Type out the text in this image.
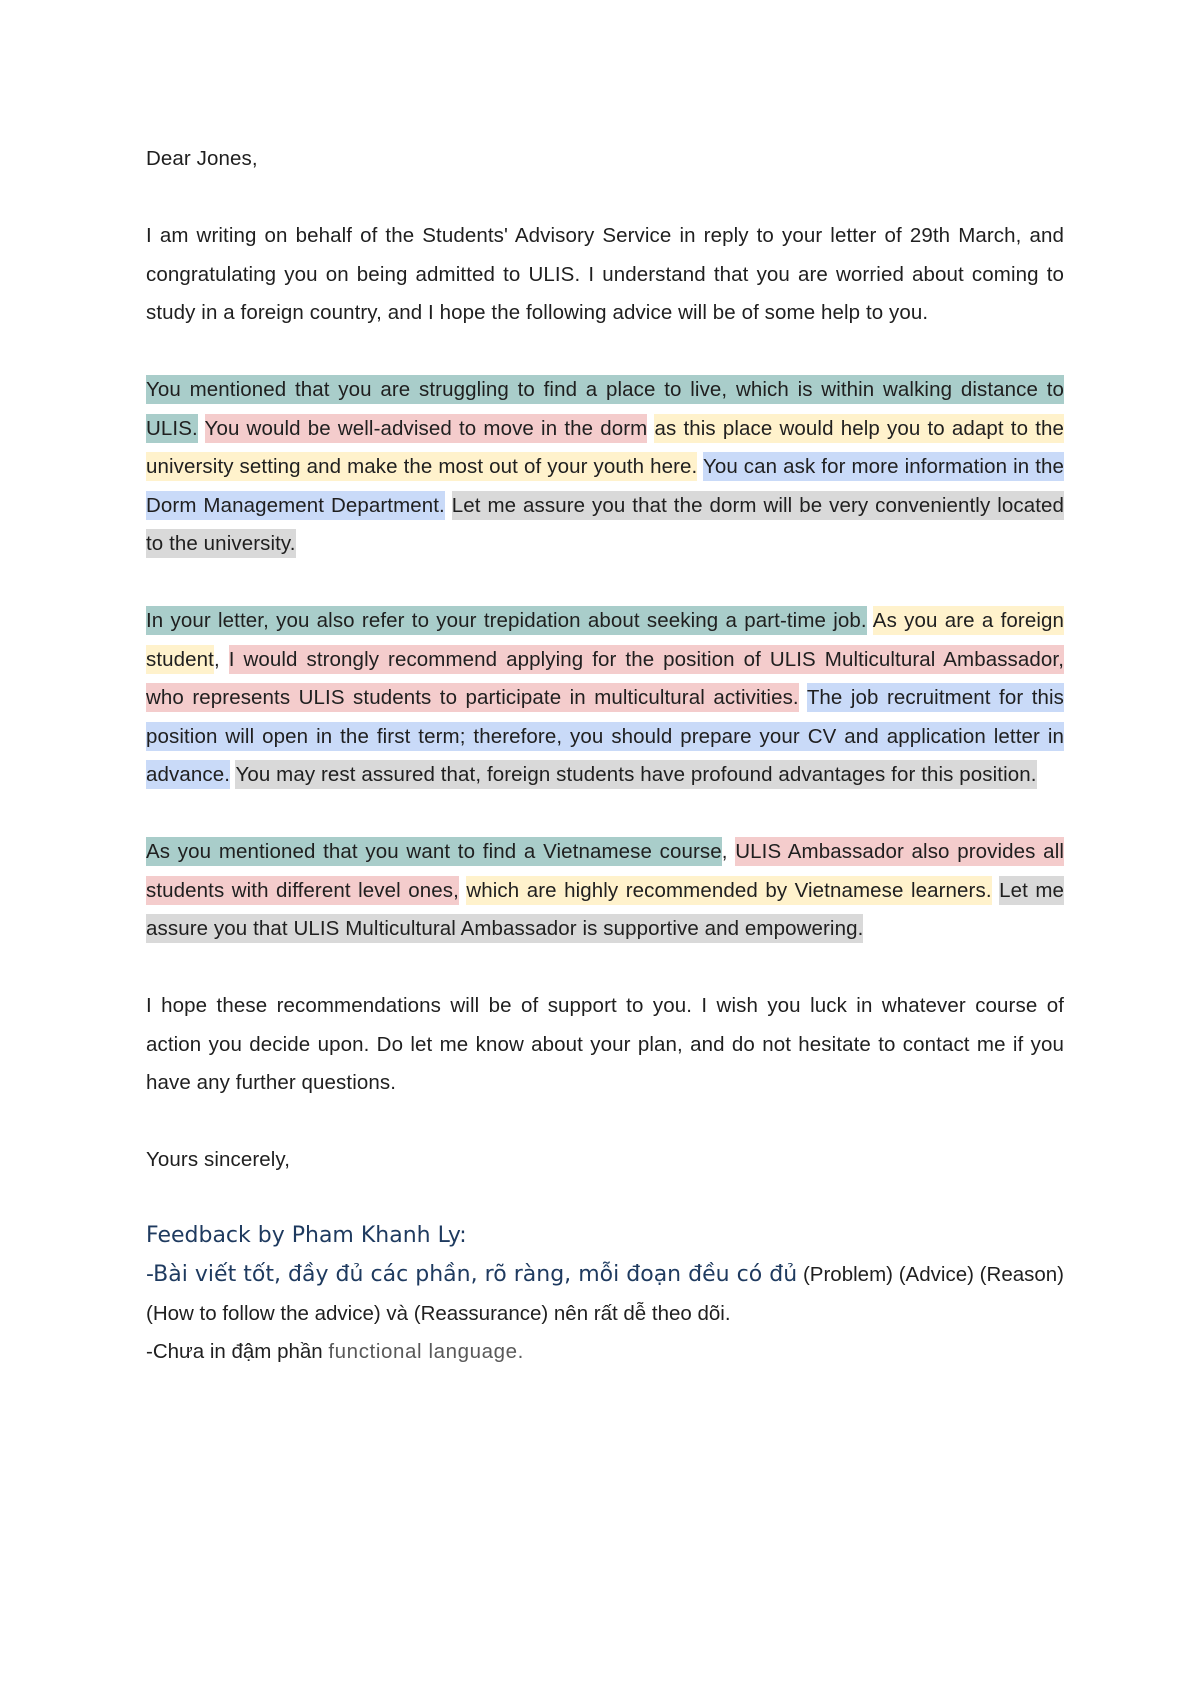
Dear Jones,

I am writing on behalf of the Students' Advisory Service in reply to your letter of 29th March, and congratulating you on being admitted to ULIS. I understand that you are worried about coming to study in a foreign country, and I hope the following advice will be of some help to you.

You mentioned that you are struggling to find a place to live, which is within walking distance to ULIS. You would be well-advised to move in the dorm as this place would help you to adapt to the university setting and make the most out of your youth here. You can ask for more information in the Dorm Management Department. Let me assure you that the dorm will be very conveniently located to the university.

In your letter, you also refer to your trepidation about seeking a part-time job. As you are a foreign student, I would strongly recommend applying for the position of ULIS Multicultural Ambassador, who represents ULIS students to participate in multicultural activities. The job recruitment for this position will open in the first term; therefore, you should prepare your CV and application letter in advance. You may rest assured that, foreign students have profound advantages for this position.

As you mentioned that you want to find a Vietnamese course, ULIS Ambassador also provides all students with different level ones, which are highly recommended by Vietnamese learners. Let me assure you that ULIS Multicultural Ambassador is supportive and empowering.

I hope these recommendations will be of support to you. I wish you luck in whatever course of action you decide upon. Do let me know about your plan, and do not hesitate to contact me if you have any further questions.

Yours sincerely,

Feedback by Pham Khanh Ly:

-Bài viết tốt, đầy đủ các phần, rõ ràng, mỗi đoạn đều có đủ (Problem) (Advice) (Reason) (How to follow the advice) và (Reassurance) nên rất dễ theo dõi.

-Chưa in đậm phần functional language.
